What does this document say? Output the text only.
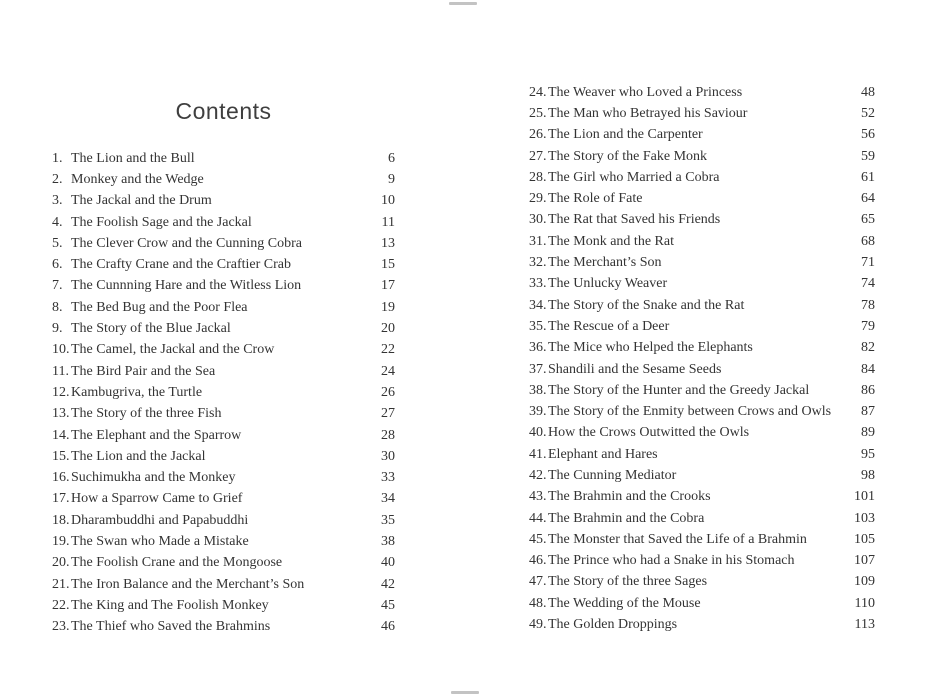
Contents
1. The Lion and the Bull	6
2. Monkey and the Wedge	9
3. The Jackal and the Drum	10
4. The Foolish Sage and the Jackal	11
5. The Clever Crow and the Cunning Cobra	13
6. The Crafty Crane and the Craftier Crab	15
7. The Cunnning Hare and the Witless Lion	17
8. The Bed Bug and the Poor Flea	19
9. The Story of the Blue Jackal	20
10. The Camel, the Jackal and the Crow	22
11. The Bird Pair and the Sea	24
12. Kambugriva, the Turtle	26
13. The Story of the three Fish	27
14. The Elephant and the Sparrow	28
15. The Lion and the Jackal	30
16. Suchimukha and the Monkey	33
17. How a Sparrow Came to Grief	34
18. Dharambuddhi and Papabuddhi	35
19. The Swan who Made a Mistake	38
20. The Foolish Crane and the Mongoose	40
21. The Iron Balance and the Merchant’s Son	42
22. The King and The Foolish Monkey	45
23. The Thief who Saved the Brahmins	46
24. The Weaver who Loved a Princess	48
25. The Man who Betrayed his Saviour	52
26. The Lion and the Carpenter	56
27. The Story of the Fake Monk	59
28. The Girl who Married a Cobra	61
29. The Role of Fate	64
30. The Rat that Saved his Friends	65
31. The Monk and the Rat	68
32. The Merchant’s Son	71
33. The Unlucky Weaver	74
34. The Story of the Snake and the Rat	78
35. The Rescue of a Deer	79
36. The Mice who Helped the Elephants	82
37. Shandili and the Sesame Seeds	84
38. The Story of the Hunter and the Greedy Jackal	86
39. The Story of the Enmity between Crows and Owls	87
40. How the Crows Outwitted the Owls	89
41. Elephant and Hares	95
42. The Cunning Mediator	98
43. The Brahmin and the Crooks	101
44. The Brahmin and the Cobra	103
45. The Monster that Saved the Life of a Brahmin	105
46. The Prince who had a Snake in his Stomach	107
47. The Story of the three Sages	109
48. The Wedding of the Mouse	110
49. The Golden Droppings	113
